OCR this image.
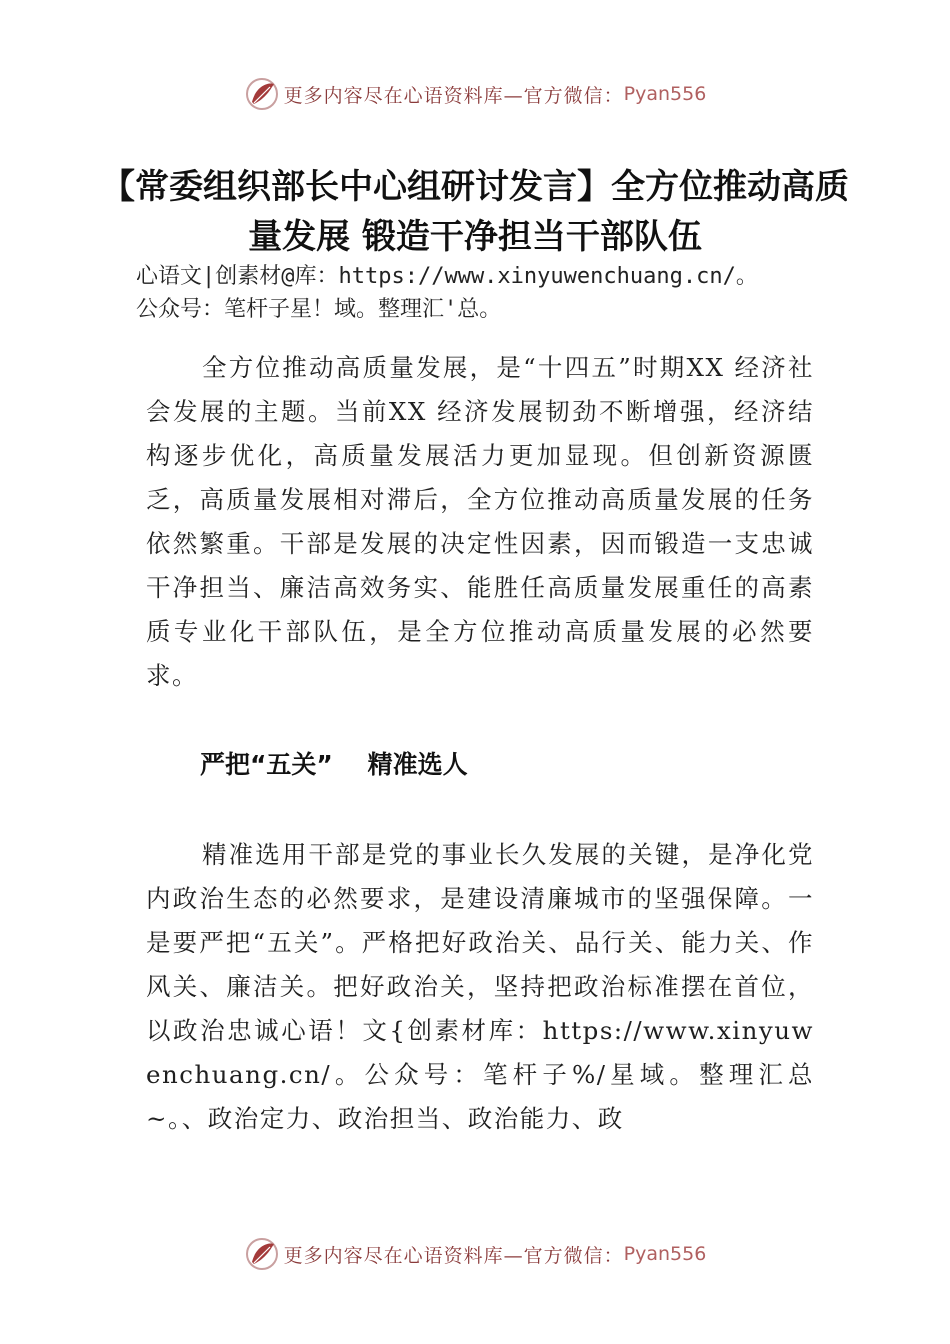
更多内容尽在心语资料库—官方微信： Pyan556
【常委组织部长中心组研讨发言】全方位推动高质量发展 锻造干净担当干部队伍
心语文|创素材@库：https://www.xinyuwenchuang.cn/。
公众号：笔杆子星！域。整理汇'总。
全方位推动高质量发展，是“十四五”时期XX 经济社会发展的主题。当前XX 经济发展韧劲不断增强，经济结构逐步优化，高质量发展活力更加显现。但创新资源匮乏，高质量发展相对滞后，全方位推动高质量发展的任务依然繁重。干部是发展的决定性因素，因而锻造一支忠诚干净担当、廉洁高效务实、能胜任高质量发展重任的高素质专业化干部队伍，是全方位推动高质量发展的必然要求。
严把“五关”    精准选人
精准选用干部是党的事业长久发展的关键，是净化党内政治生态的必然要求，是建设清廉城市的坚强保障。一是要严把“五关”。严格把好政治关、品行关、能力关、作风关、廉洁关。把好政治关，坚持把政治标准摆在首位，以政治忠诚心语！文{创素材库：https://www.xinyuwenchuang.cn/。公众号：笔杆子%/星域。整理汇总~。、政治定力、政治担当、政治能力、政
更多内容尽在心语资料库—官方微信： Pyan556
